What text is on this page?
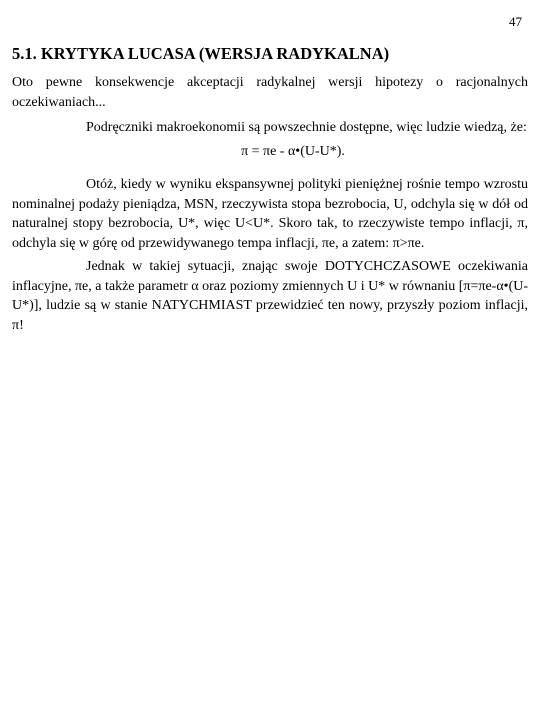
47
5.1. KRYTYKA LUCASA (WERSJA RADYKALNA)

Oto pewne konsekwencje akceptacji radykalnej wersji hipotezy o racjonalnych oczekiwaniach...

Podręczniki makroekonomii są powszechnie dostępne, więc ludzie wiedzą, że:

π = πe - α•(U-U*).

Otóż, kiedy w wyniku ekspansywnej polityki pieniężnej rośnie tempo wzrostu nominalnej podaży pieniądza, MSN, rzeczywista stopa bezrobocia, U, odchyla się w dół od naturalnej stopy bezrobocia, U*, więc U<U*. Skoro tak, to rzeczywiste tempo inflacji, π, odchyla się w górę od przewidywanego tempa inflacji, πe, a zatem: π>πe.

Jednak w takiej sytuacji, znając swoje DOTYCHCZASOWE oczekiwania inflacyjne, πe, a także parametr α oraz poziomy zmiennych U i U* w równaniu [π=πe-α•(U-U*)], ludzie są w stanie NATYCHMIAST przewidzieć ten nowy, przyszły poziom inflacji, π!
